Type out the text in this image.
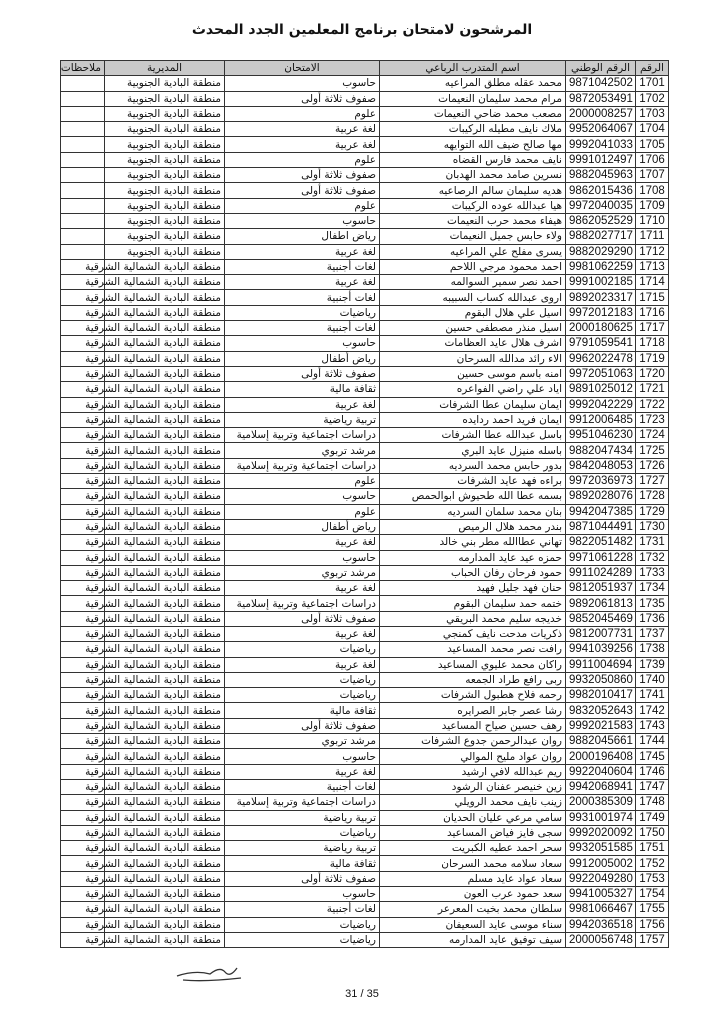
المرشحون لامتحان برنامج المعلمين الجدد المحدث
الرقم	الرقم الوطني	اسم المتدرب الرباعي	الامتحان	المديرية	ملاحظات
1701	9871042502	محمد عقله مطلق المراعيه	حاسوب	منطقة البادية الجنوبية	
1702	9872053491	مرام محمد سليمان النعيمات	صفوف ثلاثة أولى	منطقة البادية الجنوبية	
1703	2000008257	مصعب محمد ضاحي النعيمات	علوم	منطقة البادية الجنوبية	
1704	9952064067	ملاك نايف مطيله الركيبات	لغة عربية	منطقة البادية الجنوبية	
1705	9992041033	مها صالح ضيف الله التوايهه	لغة عربية	منطقة البادية الجنوبية	
1706	9991012497	نايف محمد فارس القضاه	علوم	منطقة البادية الجنوبية	
1707	9882045963	نسرين صامد محمد الهدبان	صفوف ثلاثة أولى	منطقة البادية الجنوبية	
1708	9862015436	هديه سليمان سالم الرصاعيه	صفوف ثلاثة أولى	منطقة البادية الجنوبية	
1709	9972040035	هيا عبدالله عوده الركيبات	علوم	منطقة البادية الجنوبية	
1710	9862052529	هيفاء محمد حرب النعيمات	حاسوب	منطقة البادية الجنوبية	
1711	9882027717	ولاء حابس جميل النعيمات	رياض اطفال	منطقة البادية الجنوبية	
1712	9882029290	يسرى مفلح علي المراعيه	لغة عربية	منطقة البادية الجنوبية	
1713	9981062259	احمد محمود مرجي اللاحم	لغات أجنبية	منطقة البادية الشمالية الشرقية	
1714	9991002185	احمد نصر سمير السوالمه	لغة عربية	منطقة البادية الشمالية الشرقية	
1715	9892023317	اروى عبدالله كساب السبيبه	لغات أجنبية	منطقة البادية الشمالية الشرقية	
1716	9972012183	اسيل علي هلال البقوم	رياضيات	منطقة البادية الشمالية الشرقية	
1717	2000180625	اسيل منذر مصطفى حسين	لغات أجنبية	منطقة البادية الشمالية الشرقية	
1718	9791059541	اشرف هلال عايد العظامات	حاسوب	منطقة البادية الشمالية الشرقية	
1719	9962022478	الاء رائد مدالله السرحان	رياض أطفال	منطقة البادية الشمالية الشرقية	
1720	9972051063	امنه باسم موسى حسين	صفوف ثلاثة أولى	منطقة البادية الشمالية الشرقية	
1721	9891025012	اياد علي راضي الفواعره	ثقافة مالية	منطقة البادية الشمالية الشرقية	
1722	9992042229	ايمان سليمان عطا الشرفات	لغة عربية	منطقة البادية الشمالية الشرقية	
1723	9912006485	ايمان فريد احمد ردايده	تربية رياضية	منطقة البادية الشمالية الشرقية	
1724	9951046230	باسل عبدالله عطا الشرفات	دراسات اجتماعية وتربية إسلامية	منطقة البادية الشمالية الشرقية	
1725	9882047434	باسله منيزل عايد البري	مرشد تربوي	منطقة البادية الشمالية الشرقية	
1726	9842048053	بدور حابس محمد السرديه	دراسات اجتماعية وتربية إسلامية	منطقة البادية الشمالية الشرقية	
1727	9972036973	براءه فهد عايد الشرفات	علوم	منطقة البادية الشمالية الشرقية	
1728	9892028076	بسمه عطا الله طحيوش ابوالحمص	حاسوب	منطقة البادية الشمالية الشرقية	
1729	9942047385	بنان محمد سلمان السرديه	علوم	منطقة البادية الشمالية الشرقية	
1730	9871044491	بندر محمد هلال الرميص	رياض أطفال	منطقة البادية الشمالية الشرقية	
1731	9822051482	تهاني عطاالله مطر بني خالد	لغة عربية	منطقة البادية الشمالية الشرقية	
1732	9971061228	حمزه عيد عايد المدارمه	حاسوب	منطقة البادية الشمالية الشرقية	
1733	9911024289	حمود فرحان رفان الحباب	مرشد تربوي	منطقة البادية الشمالية الشرقية	
1734	9812051937	حنان فهد جليل فهيد	لغة عربية	منطقة البادية الشمالية الشرقية	
1735	9892061813	ختمه حمد سليمان البقوم	دراسات اجتماعية وتربية إسلامية	منطقة البادية الشمالية الشرقية	
1736	9852045469	خديجه سليم محمد البريقي	صفوف ثلاثة أولى	منطقة البادية الشمالية الشرقية	
1737	9812007731	ذكريات مدحت نايف كمنجي	لغة عربية	منطقة البادية الشمالية الشرقية	
1738	9941039256	رافت نصر محمد المساعيد	رياضيات	منطقة البادية الشمالية الشرقية	
1739	9911004694	راكان محمد عليوي المساعيد	لغة عربية	منطقة البادية الشمالية الشرقية	
1740	9932050860	ربى رافع طراد الجمعه	رياضيات	منطقة البادية الشمالية الشرقية	
1741	9982010417	رحمه فلاح هطبول الشرفات	رياضيات	منطقة البادية الشمالية الشرقية	
1742	9832052643	رشا عصر جابر الصرايره	ثقافة مالية	منطقة البادية الشمالية الشرقية	
1743	9992021583	رهف حسين صياح المساعيد	صفوف ثلاثة أولى	منطقة البادية الشمالية الشرقية	
1744	9882045661	روان عبدالرحمن جدوع الشرفات	مرشد تربوي	منطقة البادية الشمالية الشرقية	
1745	2000196408	روان عواد مليح الموالي	حاسوب	منطقة البادية الشمالية الشرقية	
1746	9922040604	ريم عبدالله لافي ارشيد	لغة عربية	منطقة البادية الشمالية الشرقية	
1747	9942068941	زين خنيصر عفنان الرشود	لغات أجنبية	منطقة البادية الشمالية الشرقية	
1748	2000385309	زينب نايف محمد الرويلي	دراسات اجتماعية وتربية إسلامية	منطقة البادية الشمالية الشرقية	
1749	9931001974	سامي مرعي عليان الحديان	تربية رياضية	منطقة البادية الشمالية الشرقية	
1750	9992020092	سجى فايز فياض المساعيد	رياضيات	منطقة البادية الشمالية الشرقية	
1751	9932051585	سحر احمد عطيه الكبريت	تربية رياضية	منطقة البادية الشمالية الشرقية	
1752	9912005002	سعاد سلامه محمد السرحان	ثقافة مالية	منطقة البادية الشمالية الشرقية	
1753	9922049280	سعاد عواد عايد مسلم	صفوف ثلاثة أولى	منطقة البادية الشمالية الشرقية	
1754	9941005327	سعد حمود عرب العون	حاسوب	منطقة البادية الشمالية الشرقية	
1755	9981066467	سلطان محمد بخيت المعرعر	لغات أجنبية	منطقة البادية الشمالية الشرقية	
1756	9942036518	سناء موسى عايد السعيفان	رياضيات	منطقة البادية الشمالية الشرقية	
1757	2000056748	سيف توفيق عايد المدارمه	رياضيات	منطقة البادية الشمالية الشرقية	
31 / 35
